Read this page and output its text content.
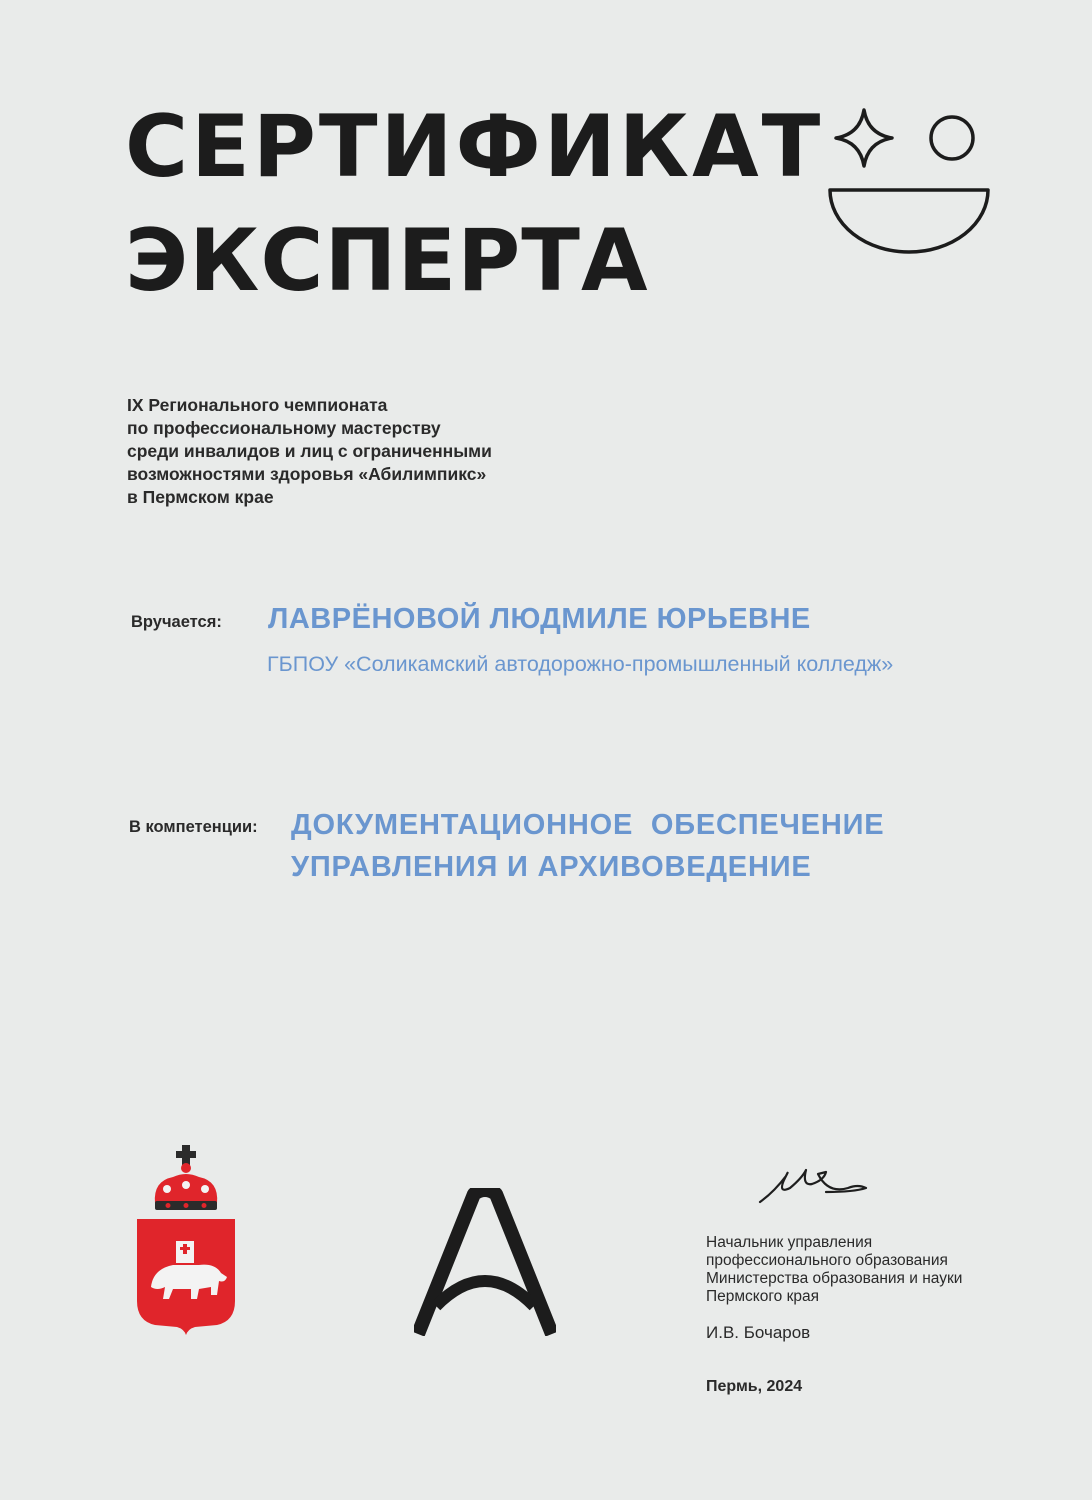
СЕРТИФИКАТ
ЭКСПЕРТА
IX Регионального чемпионата
по профессиональному мастерству
среди инвалидов и лиц с ограниченными
возможностями здоровья «Абилимпикс»
в Пермском крае
Вручается: ЛАВРЁНОВОЙ ЛЮДМИЛЕ ЮРЬЕВНЕ
ГБПОУ «Соликамский автодорожно-промышленный колледж»
В компетенции: ДОКУМЕНТАЦИОННОЕ  ОБЕСПЕЧЕНИЕ
УПРАВЛЕНИЯ И АРХИВОВЕДЕНИЕ
Начальник управления
профессионального образования
Министерства образования и науки
Пермского края
И.В. Бочаров
Пермь, 2024
